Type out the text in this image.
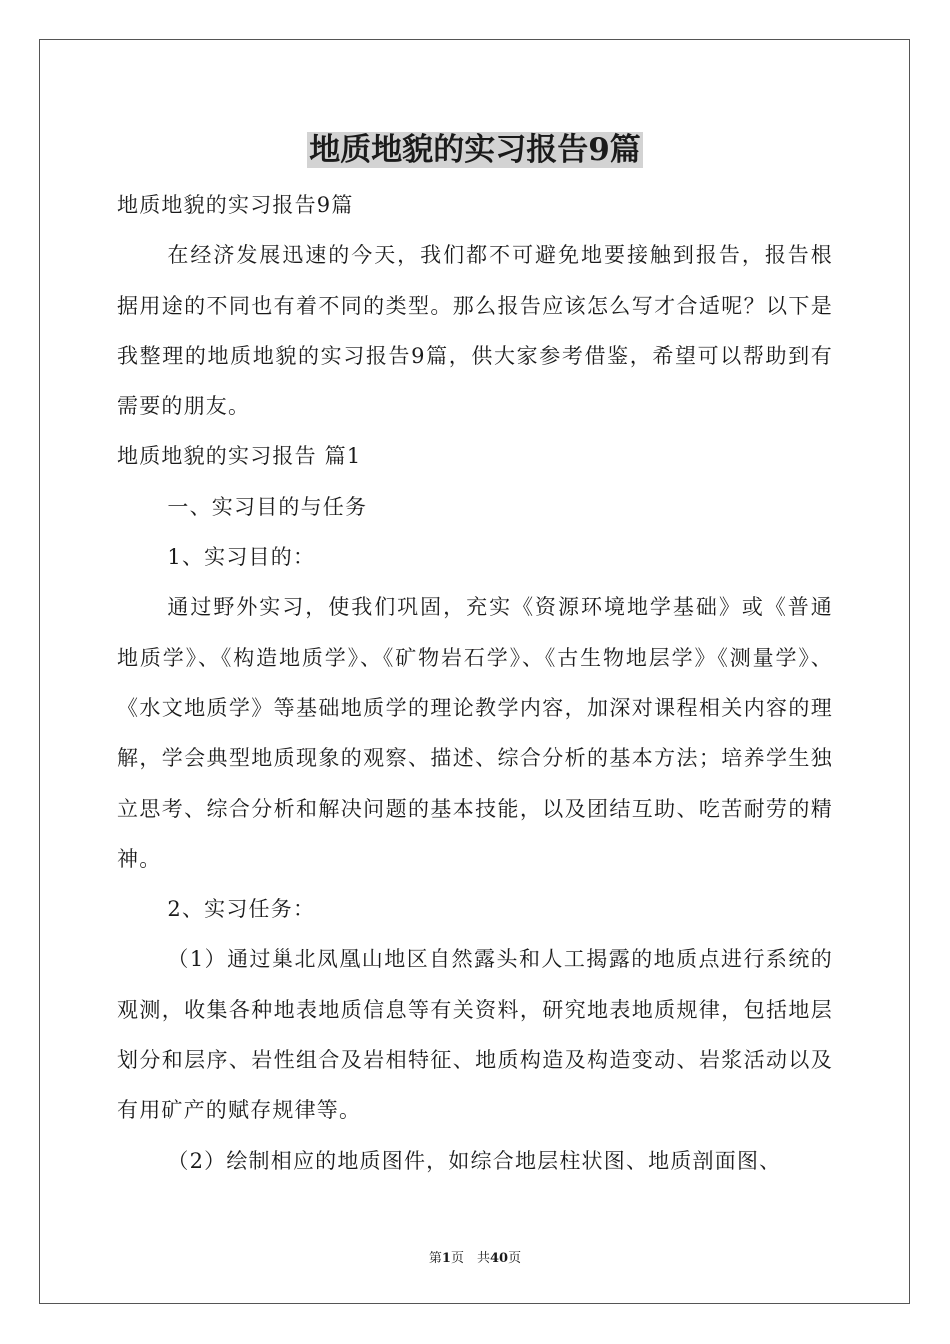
地质地貌的实习报告9篇

地质地貌的实习报告9篇

在经济发展迅速的今天，我们都不可避免地要接触到报告，报告根据用途的不同也有着不同的类型。那么报告应该怎么写才合适呢？以下是我整理的地质地貌的实习报告9篇，供大家参考借鉴，希望可以帮助到有需要的朋友。

地质地貌的实习报告 篇1

一、实习目的与任务

1、实习目的：

通过野外实习，使我们巩固，充实《资源环境地学基础》或《普通地质学》、《构造地质学》、《矿物岩石学》、《古生物地层学》《测量学》、《水文地质学》等基础地质学的理论教学内容，加深对课程相关内容的理解，学会典型地质现象的观察、描述、综合分析的基本方法；培养学生独立思考、综合分析和解决问题的基本技能，以及团结互助、吃苦耐劳的精神。

2、实习任务：

（1）通过巢北凤凰山地区自然露头和人工揭露的地质点进行系统的观测，收集各种地表地质信息等有关资料，研究地表地质规律，包括地层划分和层序、岩性组合及岩相特征、地质构造及构造变动、岩浆活动以及有用矿产的赋存规律等。

（2）绘制相应的地质图件，如综合地层柱状图、地质剖面图、

第1页　共40页
